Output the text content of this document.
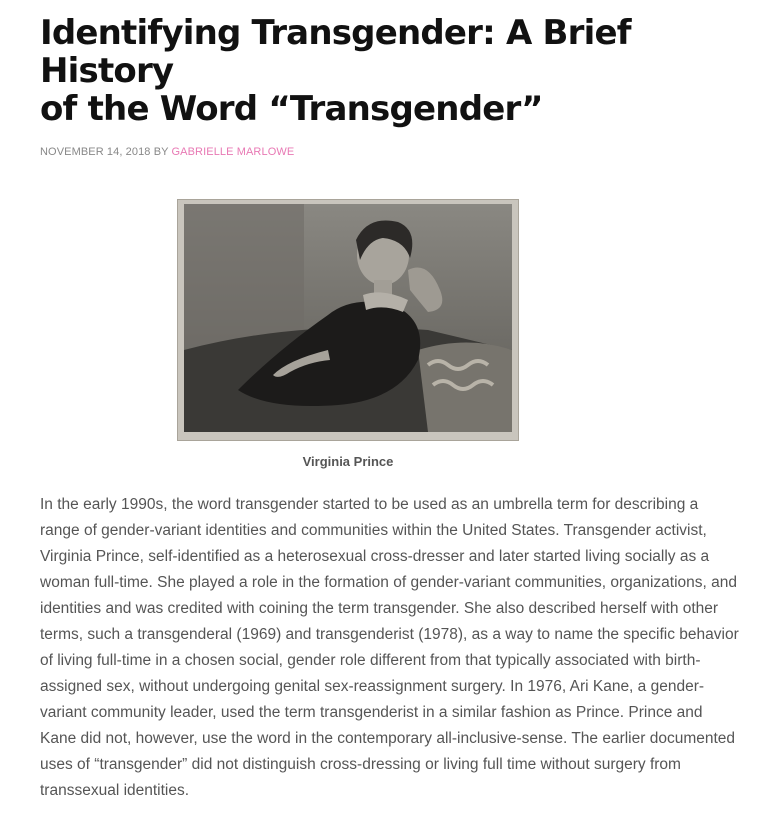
Identifying Transgender: A Brief History
of the Word “Transgender”
NOVEMBER 14, 2018 BY GABRIELLE MARLOWE
Virginia Prince

In the early 1990s, the word transgender started to be used as an umbrella term for describing a range of gender-variant identities and communities within the United States. Transgender activist, Virginia Prince, self-identified as a heterosexual cross-dresser and later started living socially as a woman full-time. She played a role in the formation of gender-variant communities, organizations, and identities and was credited with coining the term transgender. She also described herself with other terms, such a transgenderal (1969) and transgenderist (1978), as a way to name the specific behavior of living full-time in a chosen social, gender role different from that typically associated with birth-assigned sex, without undergoing genital sex-reassignment surgery. In 1976, Ari Kane, a gender-variant community leader, used the term transgenderist in a similar fashion as Prince. Prince and Kane did not, however, use the word in the contemporary all-inclusive-sense. The earlier documented uses of “transgender” did not distinguish cross-dressing or living full time without surgery from transsexual identities.
